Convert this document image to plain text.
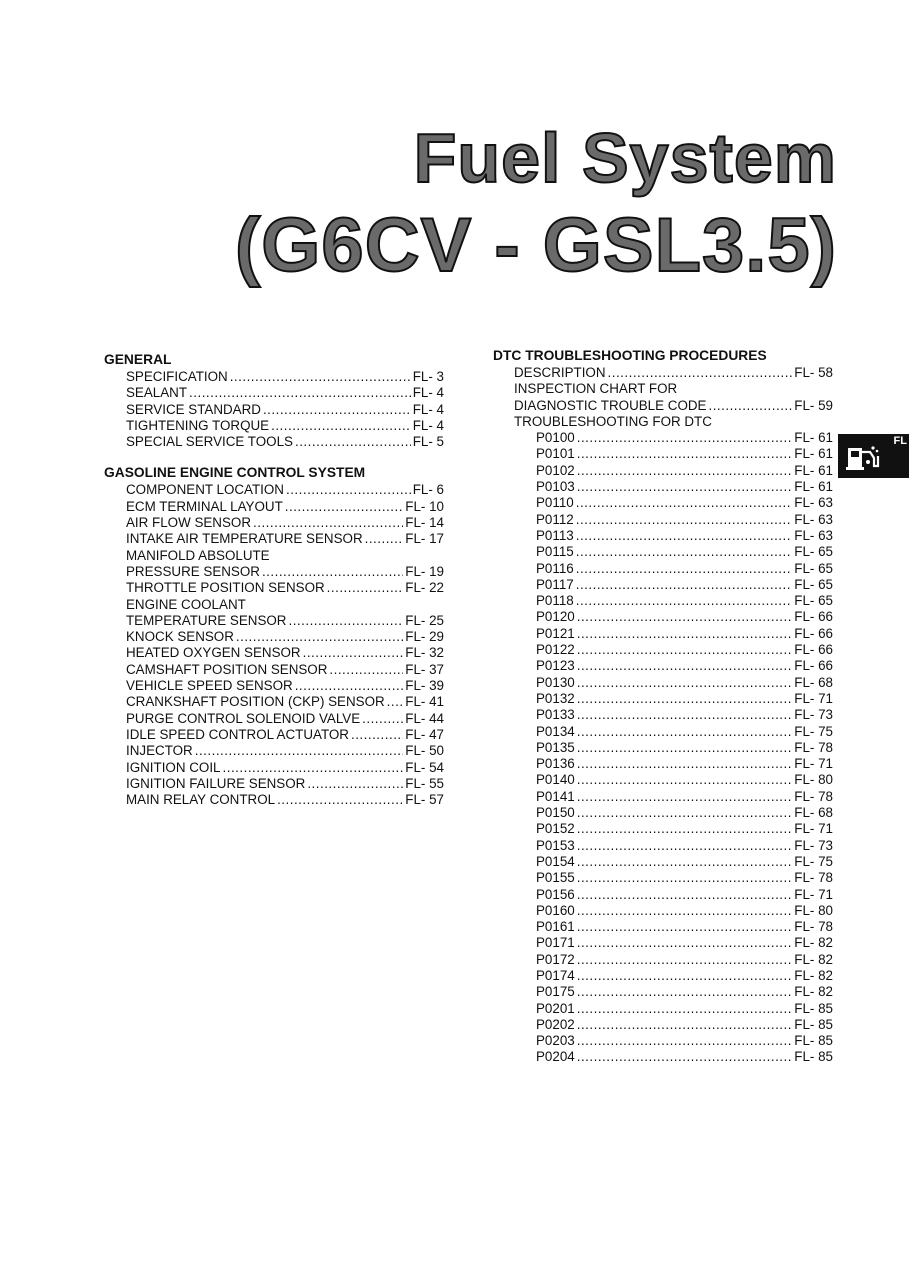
Fuel System
(G6CV - GSL3.5)
FL
GENERAL
SPECIFICATION .....	FL- 3
SEALANT .....	FL- 4
SERVICE STANDARD .....	FL- 4
TIGHTENING TORQUE .....	FL- 4
SPECIAL SERVICE TOOLS .....	FL- 5
GASOLINE ENGINE CONTROL SYSTEM
COMPONENT LOCATION .....	FL- 6
ECM TERMINAL LAYOUT .....	FL- 10
AIR FLOW SENSOR .....	FL- 14
INTAKE AIR TEMPERATURE SENSOR .....	FL- 17
MANIFOLD ABSOLUTE
PRESSURE SENSOR .....	FL- 19
THROTTLE POSITION SENSOR .....	FL- 22
ENGINE COOLANT
TEMPERATURE SENSOR .....	FL- 25
KNOCK SENSOR .....	FL- 29
HEATED OXYGEN SENSOR .....	FL- 32
CAMSHAFT POSITION SENSOR .....	FL- 37
VEHICLE SPEED SENSOR .....	FL- 39
CRANKSHAFT POSITION (CKP) SENSOR ..... FL- 41
PURGE CONTROL SOLENOID VALVE .....	FL- 44
IDLE SPEED CONTROL ACTUATOR .....	FL- 47
INJECTOR .....	FL- 50
IGNITION COIL .....	FL- 54
IGNITION FAILURE SENSOR .....	FL- 55
MAIN RELAY CONTROL .....	FL- 57
DTC TROUBLESHOOTING PROCEDURES
DESCRIPTION .....	FL- 58
INSPECTION CHART FOR
DIAGNOSTIC TROUBLE CODE .....	FL- 59
TROUBLESHOOTING FOR DTC
P0100 .....	FL- 61
P0101 .....	FL- 61
P0102 .....	FL- 61
P0103 .....	FL- 61
P0110 .....	FL- 63
P0112 .....	FL- 63
P0113 .....	FL- 63
P0115 .....	FL- 65
P0116 .....	FL- 65
P0117 .....	FL- 65
P0118 .....	FL- 65
P0120 .....	FL- 66
P0121 .....	FL- 66
P0122 .....	FL- 66
P0123 .....	FL- 66
P0130 .....	FL- 68
P0132 .....	FL- 71
P0133 .....	FL- 73
P0134 .....	FL- 75
P0135 .....	FL- 78
P0136 .....	FL- 71
P0140 .....	FL- 80
P0141 .....	FL- 78
P0150 .....	FL- 68
P0152 .....	FL- 71
P0153 .....	FL- 73
P0154 .....	FL- 75
P0155 .....	FL- 78
P0156 .....	FL- 71
P0160 .....	FL- 80
P0161 .....	FL- 78
P0171 .....	FL- 82
P0172 .....	FL- 82
P0174 .....	FL- 82
P0175 .....	FL- 82
P0201 .....	FL- 85
P0202 .....	FL- 85
P0203 .....	FL- 85
P0204 .....	FL- 85
